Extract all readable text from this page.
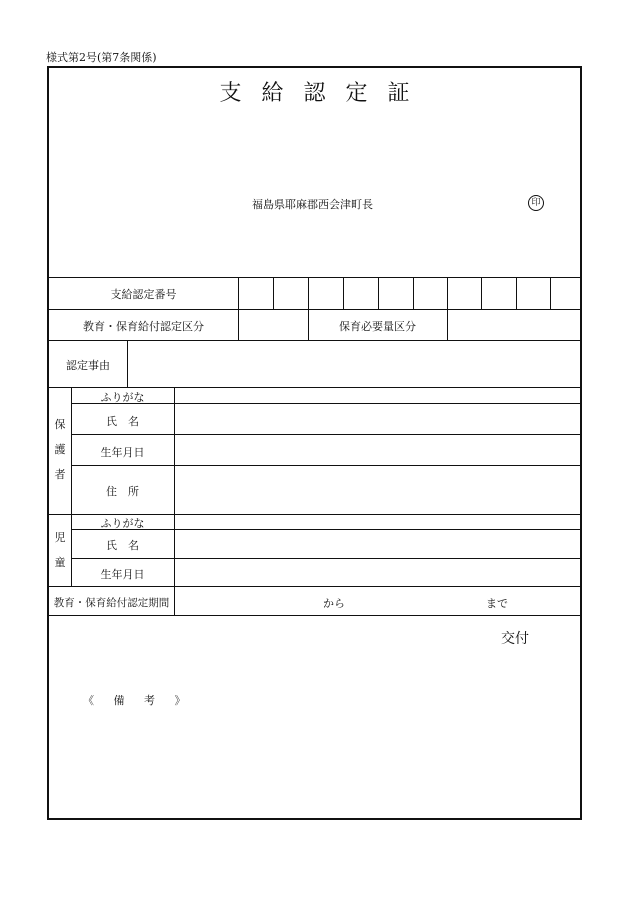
様式第2号(第7条関係)
支給認定証
福島県耶麻郡西会津町長	印
支給認定番号
教育・保育給付認定区分	保育必要量区分
認定事由
保
護
者
ふりがな
氏　名
生年月日
住　所
児
童
ふりがな
氏　名
生年月日
教育・保育給付認定期間	から	まで
交付
《 備 考 》
